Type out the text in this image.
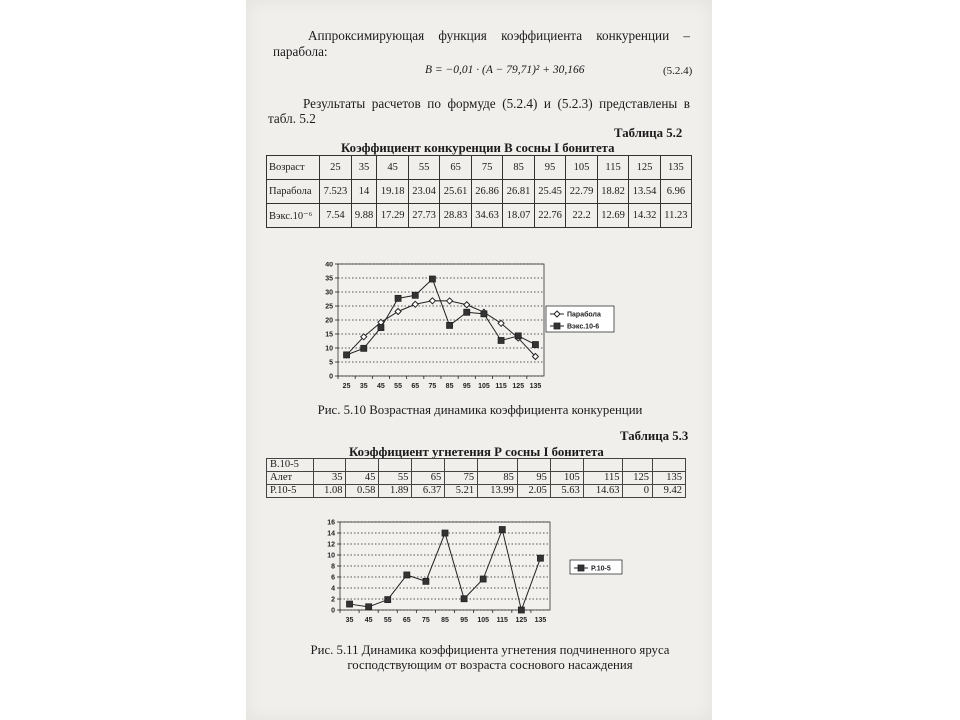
Аппроксимирующая функция коэффициента конкуренции –
парабола:
B = −0,01 · (A − 79,71)² + 30,166	(5.2.4)
Результаты расчетов по формуде (5.2.4) и (5.2.3) представлены в
табл. 5.2
Таблица 5.2
Коэффициент конкуренции В сосны I бонитета
Возраст	25	35	45	55	65	75	85	95	105	115	125	135
Парабола	7.523	14	19.18	23.04	25.61	26.86	26.81	25.45	22.79	18.82	13.54	6.96
Вэкс.10⁻⁶	7.54	9.88	17.29	27.73	28.83	34.63	18.07	22.76	22.2	12.69	14.32	11.23
0
5
10
15
20
25
30
35
40
25 35 45 55 65 75 85 95 105 115 125 135
Парабола
Вэкс.10-6
Рис. 5.10 Возрастная динамика коэффициента конкуренции
Таблица 5.3
Коэффициент угнетения Р сосны I бонитета
В.10-5											
Алет	35	45	55	65	75	85	95	105	115	125	135
Р.10-5	1.08	0.58	1.89	6.37	5.21	13.99	2.05	5.63	14.63	0	9.42
0
2
4
6
8
10
12
14
16
35 45 55 65 75 85 95 105 115 125 135
P.10-5
Рис. 5.11 Динамика коэффициента угнетения подчиненного яруса
господствующим от возраста соснового насаждения
